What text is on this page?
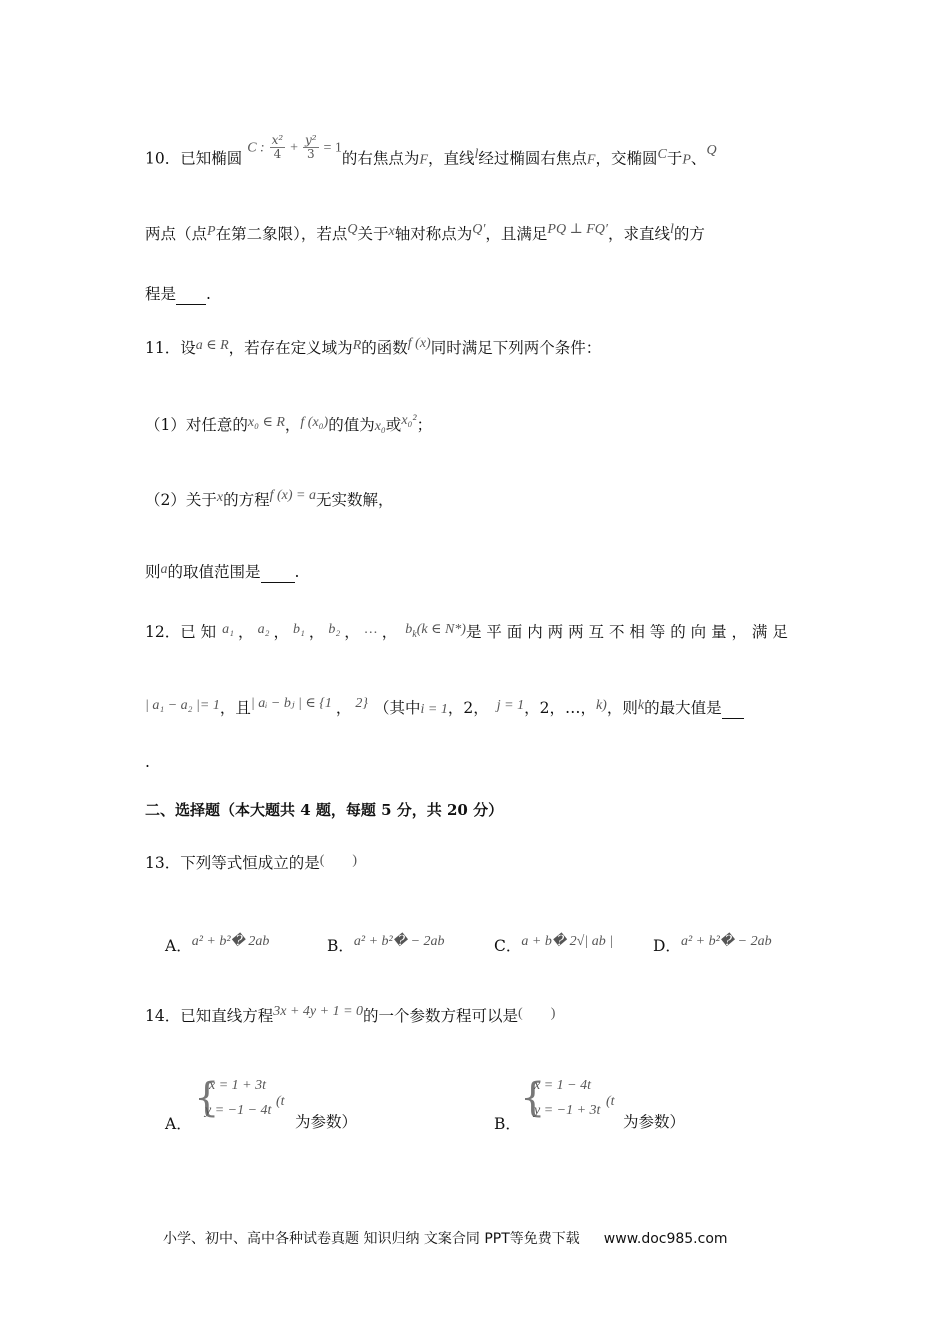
10．已知椭圆 C : $\frac{\text{x²}}{4} + \frac{\text{y²}}{3} = 1$的右焦点为F，直线l经过椭圆右焦点F，交椭圆C于P、Q
两点（点P在第二象限），若点Q关于x轴对称点为Q′，且满足PQ ⊥ FQ′，求直线l的方
程是 .
11．设a ∈ R，若存在定义域为R的函数f (x)同时满足下列两个条件：
（1）对任意的x₀ ∈ R，f (x₀)的值为x₀或x₀²；
（2）关于x的方程f (x) = a无实数解，
则a的取值范围是 .
12．已 知 a₁ ， a₂ ， b₁ ， b₂ ， … ， $b_k(k$ ∈ N*)是 平 面 内 两 两 互 不 相 等 的 向 量 ， 满 足
| a₁ − a₂ |= 1，且| aᵢ − bⱼ | ∈ {1 ， 2} （其中i = 1，2， j = 1，2，…，k)，则k的最大值是
.
二、选择题（本大题共 4 题，每题 5 分，共 20 分）
13．下列等式恒成立的是(        )
A．a² + b²� 2ab	B．a² + b²� − 2ab	C．a + b� 2√| ab |	D．a² + b²� − 2ab
14．已知直线方程3x + 4y + 1 = 0的一个参数方程可以是(        )
A．
{
x = 1 + 3t
y = −1 − 4t
(t
为参数）	B．
{
x = 1 − 4t
y = −1 + 3t
(t
为参数）
小学、初中、高中各种试卷真题 知识归纳 文案合同 PPT等免费下载 www.doc985.com
